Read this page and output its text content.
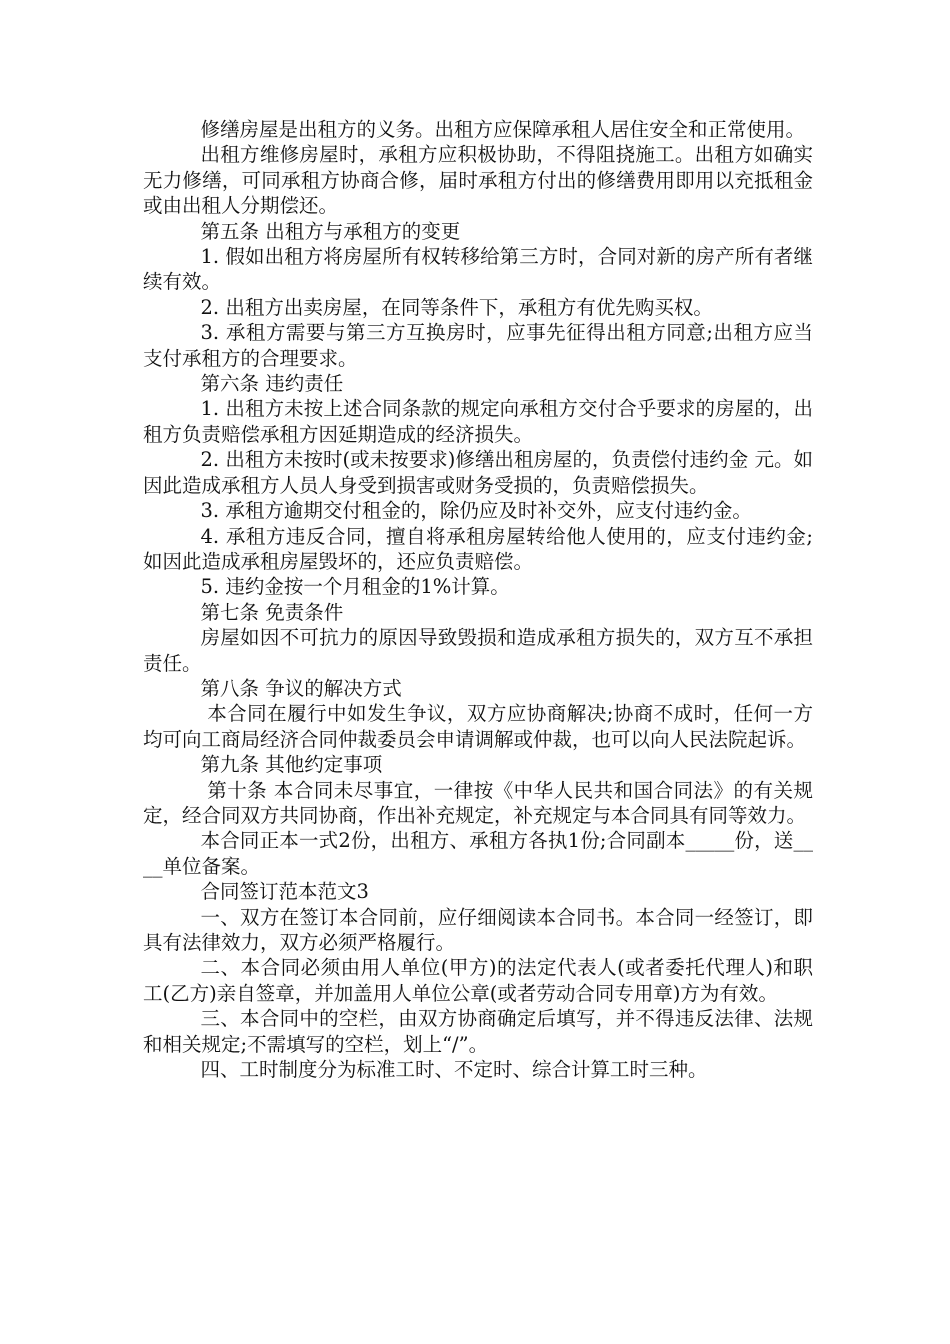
修缮房屋是出租方的义务。出租方应保障承租人居住安全和正常使用。

出租方维修房屋时，承租方应积极协助，不得阻挠施工。出租方如确实无力修缮，可同承租方协商合修，届时承租方付出的修缮费用即用以充抵租金或由出租人分期偿还。

第五条 出租方与承租方的变更

1. 假如出租方将房屋所有权转移给第三方时，合同对新的房产所有者继续有效。

2. 出租方出卖房屋，在同等条件下，承租方有优先购买权。

3. 承租方需要与第三方互换房时，应事先征得出租方同意;出租方应当支付承租方的合理要求。

第六条 违约责任

1. 出租方未按上述合同条款的规定向承租方交付合乎要求的房屋的，出租方负责赔偿承租方因延期造成的经济损失。

2. 出租方未按时(或未按要求)修缮出租房屋的，负责偿付违约金 元。如因此造成承租方人员人身受到损害或财务受损的，负责赔偿损失。

3. 承租方逾期交付租金的，除仍应及时补交外，应支付违约金。

4. 承租方违反合同，擅自将承租房屋转给他人使用的，应支付违约金;如因此造成承租房屋毁坏的，还应负责赔偿。

5. 违约金按一个月租金的1%计算。

第七条 免责条件

房屋如因不可抗力的原因导致毁损和造成承租方损失的，双方互不承担责任。

第八条 争议的解决方式

本合同在履行中如发生争议，双方应协商解决;协商不成时，任何一方均可向工商局经济合同仲裁委员会申请调解或仲裁，也可以向人民法院起诉。

第九条 其他约定事项

第十条 本合同未尽事宜，一律按《中华人民共和国合同法》的有关规定，经合同双方共同协商，作出补充规定，补充规定与本合同具有同等效力。

本合同正本一式2份，出租方、承租方各执1份;合同副本_____份，送____单位备案。

合同签订范本范文3

一、双方在签订本合同前，应仔细阅读本合同书。本合同一经签订，即具有法律效力，双方必须严格履行。

二、本合同必须由用人单位(甲方)的法定代表人(或者委托代理人)和职工(乙方)亲自签章，并加盖用人单位公章(或者劳动合同专用章)方为有效。

三、本合同中的空栏，由双方协商确定后填写，并不得违反法律、法规和相关规定;不需填写的空栏，划上“/”。

四、工时制度分为标准工时、不定时、综合计算工时三种。
